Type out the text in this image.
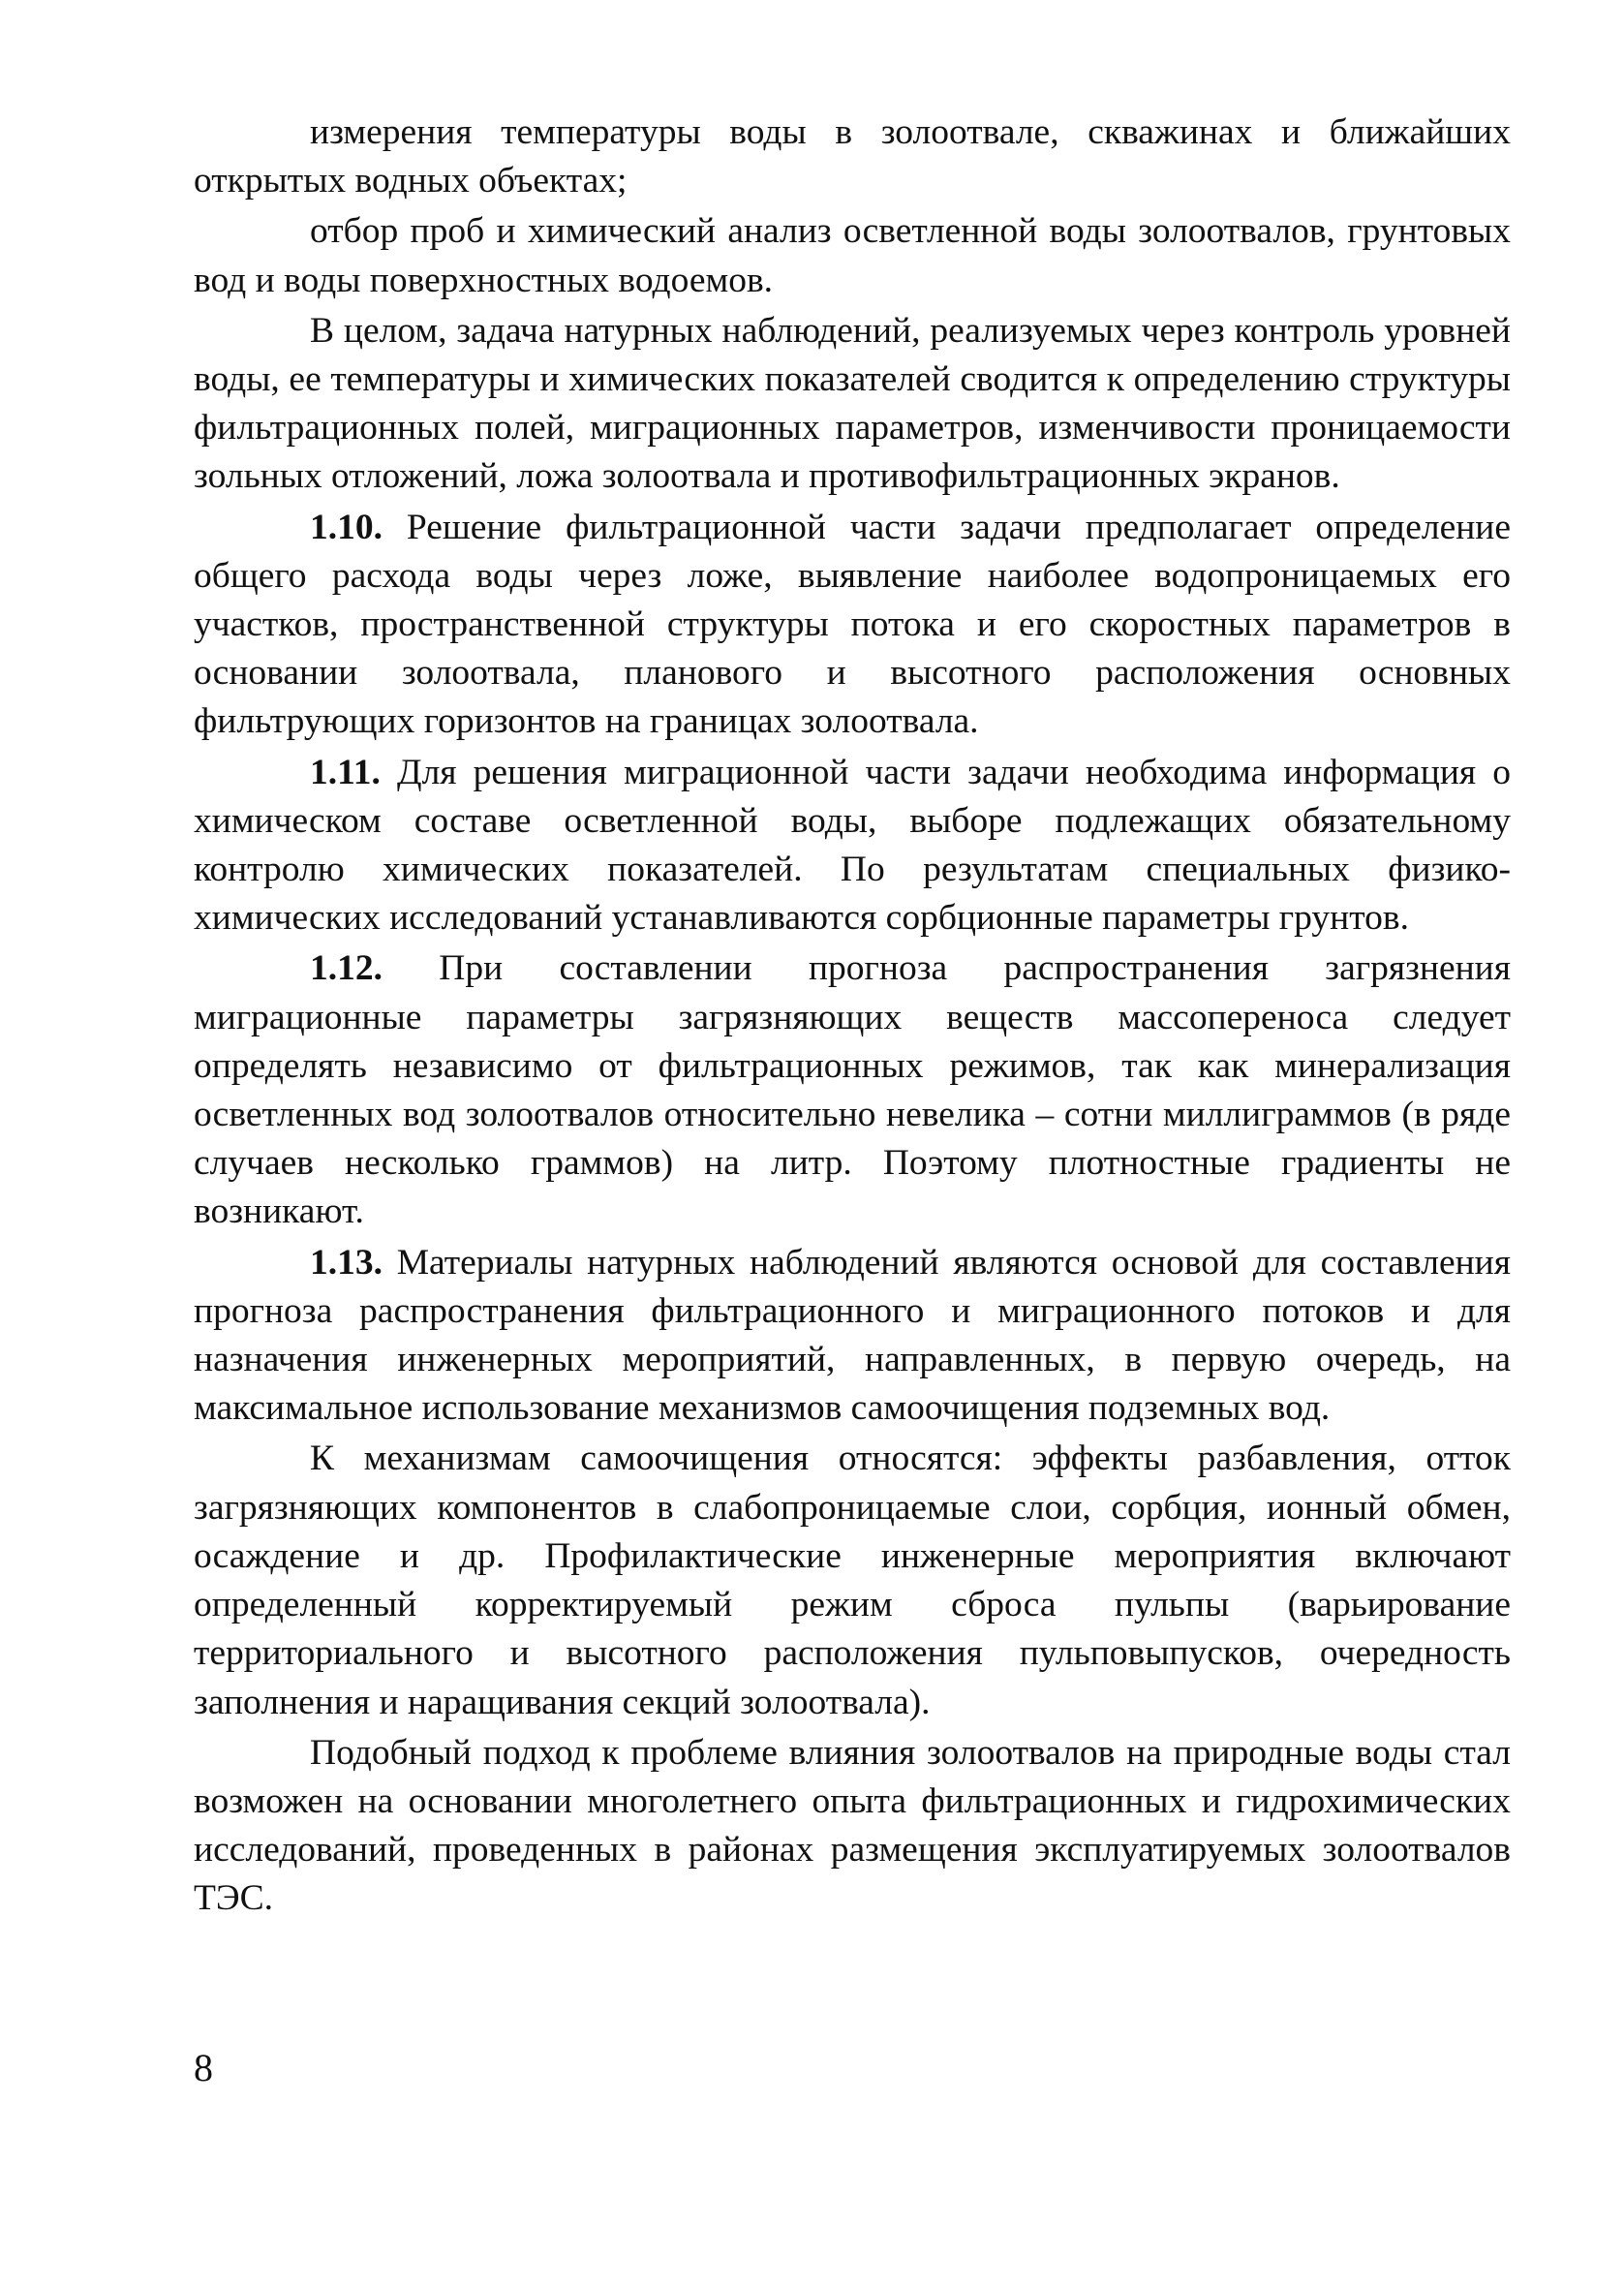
измерения температуры воды в золоотвале, скважинах и ближайших открытых водных объектах;

отбор проб и химический анализ осветленной воды золоотвалов, грунтовых вод и воды поверхностных водоемов.

В целом, задача натурных наблюдений, реализуемых через контроль уровней воды, ее температуры и химических показателей сводится к определению структуры фильтрационных полей, миграционных параметров, изменчивости проницаемости зольных отложений, ложа золоотвала и противофильтрационных экранов.

1.10. Решение фильтрационной части задачи предполагает определение общего расхода воды через ложе, выявление наиболее водопроницаемых его участков, пространственной структуры потока и его скоростных параметров в основании золоотвала, планового и высотного расположения основных фильтрующих горизонтов на границах золоотвала.

1.11. Для решения миграционной части задачи необходима информация о химическом составе осветленной воды, выборе подлежащих обязательному контролю химических показателей. По результатам специальных физико-химических исследований устанавливаются сорбционные параметры грунтов.

1.12. При составлении прогноза распространения загрязнения миграционные параметры загрязняющих веществ массопереноса следует определять независимо от фильтрационных режимов, так как минерализация осветленных вод золоотвалов относительно невелика – сотни миллиграммов (в ряде случаев несколько граммов) на литр. Поэтому плотностные градиенты не возникают.

1.13. Материалы натурных наблюдений являются основой для составления прогноза распространения фильтрационного и миграционного потоков и для назначения инженерных мероприятий, направленных, в первую очередь, на максимальное использование механизмов самоочищения подземных вод.

К механизмам самоочищения относятся: эффекты разбавления, отток загрязняющих компонентов в слабопроницаемые слои, сорбция, ионный обмен, осаждение и др. Профилактические инженерные мероприятия включают определенный корректируемый режим сброса пульпы (варьирование территориального и высотного расположения пульповыпусков, очередность заполнения и наращивания секций золоотвала).

Подобный подход к проблеме влияния золоотвалов на природные воды стал возможен на основании многолетнего опыта фильтрационных и гидрохимических исследований, проведенных в районах размещения эксплуатируемых золоотвалов ТЭС.

8
